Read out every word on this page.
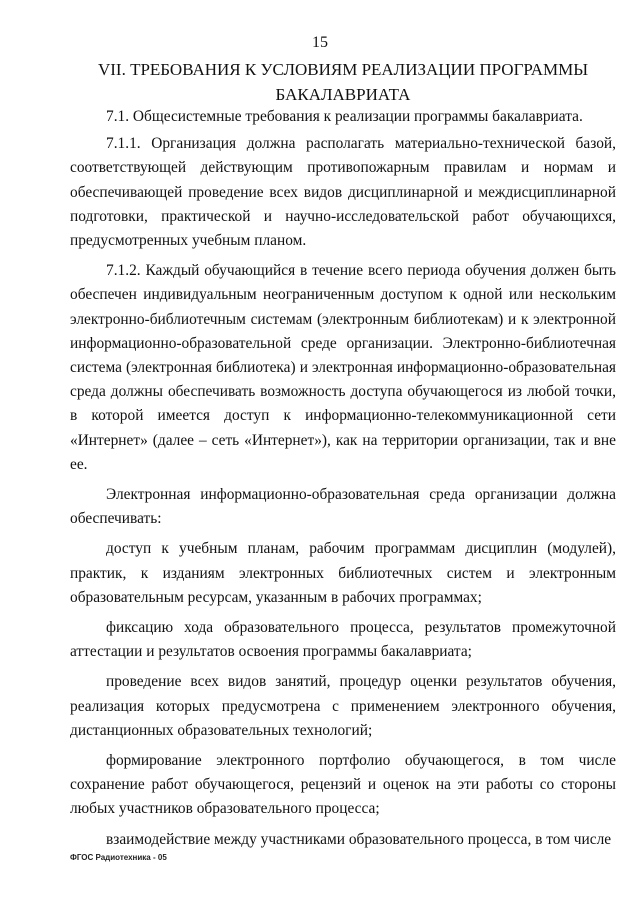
15
VII. ТРЕБОВАНИЯ К УСЛОВИЯМ РЕАЛИЗАЦИИ ПРОГРАММЫ
БАКАЛАВРИАТА

7.1. Общесистемные требования к реализации программы бакалавриата.

7.1.1. Организация должна располагать материально-технической базой, соответствующей действующим противопожарным правилам и нормам и обеспечивающей проведение всех видов дисциплинарной и междисциплинарной подготовки, практической и научно-исследовательской работ обучающихся, предусмотренных учебным планом.

7.1.2. Каждый обучающийся в течение всего периода обучения должен быть обеспечен индивидуальным неограниченным доступом к одной или нескольким электронно-библиотечным системам (электронным библиотекам) и к электронной информационно-образовательной среде организации. Электронно-библиотечная система (электронная библиотека) и электронная информационно-образовательная среда должны обеспечивать возможность доступа обучающегося из любой точки, в которой имеется доступ к информационно-телекоммуникационной сети «Интернет» (далее – сеть «Интернет»), как на территории организации, так и вне ее.

Электронная информационно-образовательная среда организации должна обеспечивать:

доступ к учебным планам, рабочим программам дисциплин (модулей), практик, к изданиям электронных библиотечных систем и электронным образовательным ресурсам, указанным в рабочих программах;

фиксацию хода образовательного процесса, результатов промежуточной аттестации и результатов освоения программы бакалавриата;

проведение всех видов занятий, процедур оценки результатов обучения, реализация которых предусмотрена с применением электронного обучения, дистанционных образовательных технологий;

формирование электронного портфолио обучающегося, в том числе сохранение работ обучающегося, рецензий и оценок на эти работы со стороны любых участников образовательного процесса;

взаимодействие между участниками образовательного процесса, в том числе

ФГОС Радиотехника - 05
